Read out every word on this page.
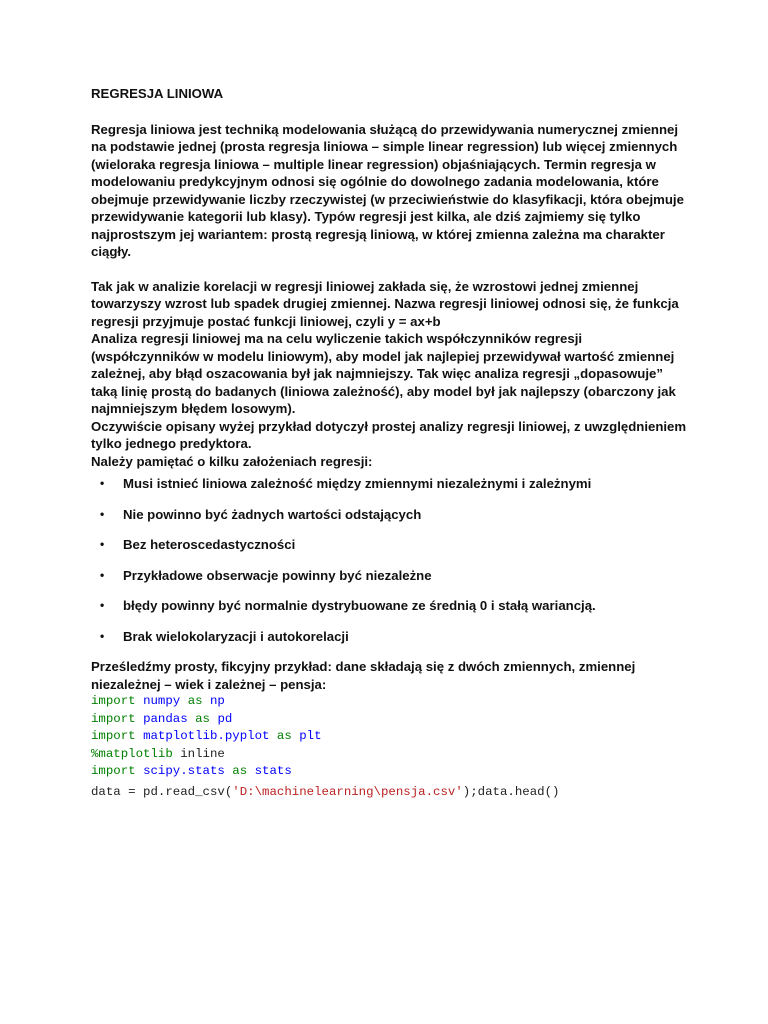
REGRESJA LINIOWA

Regresja liniowa jest techniką modelowania służącą do przewidywania numerycznej zmiennej na podstawie jednej (prosta regresja liniowa – simple linear regression) lub więcej zmiennych (wieloraka regresja liniowa – multiple linear regression) objaśniających. Termin regresja w modelowaniu predykcyjnym odnosi się ogólnie do dowolnego zadania modelowania, które obejmuje przewidywanie liczby rzeczywistej (w przeciwieństwie do klasyfikacji, która obejmuje przewidywanie kategorii lub klasy). Typów regresji jest kilka, ale dziś zajmiemy się tylko najprostszym jej wariantem: prostą regresją liniową, w której zmienna zależna ma charakter ciągły.

Tak jak w analizie korelacji w regresji liniowej zakłada się, że wzrostowi jednej zmiennej towarzyszy wzrost lub spadek drugiej zmiennej. Nazwa regresji liniowej odnosi się, że funkcja regresji przyjmuje postać funkcji liniowej, czyli y = ax+b

Analiza regresji liniowej ma na celu wyliczenie takich współczynników regresji (współczynników w modelu liniowym), aby model jak najlepiej przewidywał wartość zmiennej zależnej, aby błąd oszacowania był jak najmniejszy. Tak więc analiza regresji „dopasowuje” taką linię prostą do badanych (liniowa zależność), aby model był jak najlepszy (obarczony jak najmniejszym błędem losowym).

Oczywiście opisany wyżej przykład dotyczył prostej analizy regresji liniowej, z uwzględnieniem tylko jednego predyktora.

Należy pamiętać o kilku założeniach regresji:

• Musi istnieć liniowa zależność między zmiennymi niezależnymi i zależnymi
• Nie powinno być żadnych wartości odstających
• Bez heteroscedastyczności
• Przykładowe obserwacje powinny być niezależne
• błędy powinny być normalnie dystrybuowane ze średnią 0 i stałą wariancją.
• Brak wielokolaryzacji i autokorelacji

Prześledźmy prosty, fikcyjny przykład: dane składają się z dwóch zmiennych, zmiennej niezależnej – wiek i zależnej – pensja:

import numpy as np
import pandas as pd
import matplotlib.pyplot as plt
%matplotlib inline
import scipy.stats as stats
data = pd.read_csv('D:\machinelearning\pensja.csv');data.head()
